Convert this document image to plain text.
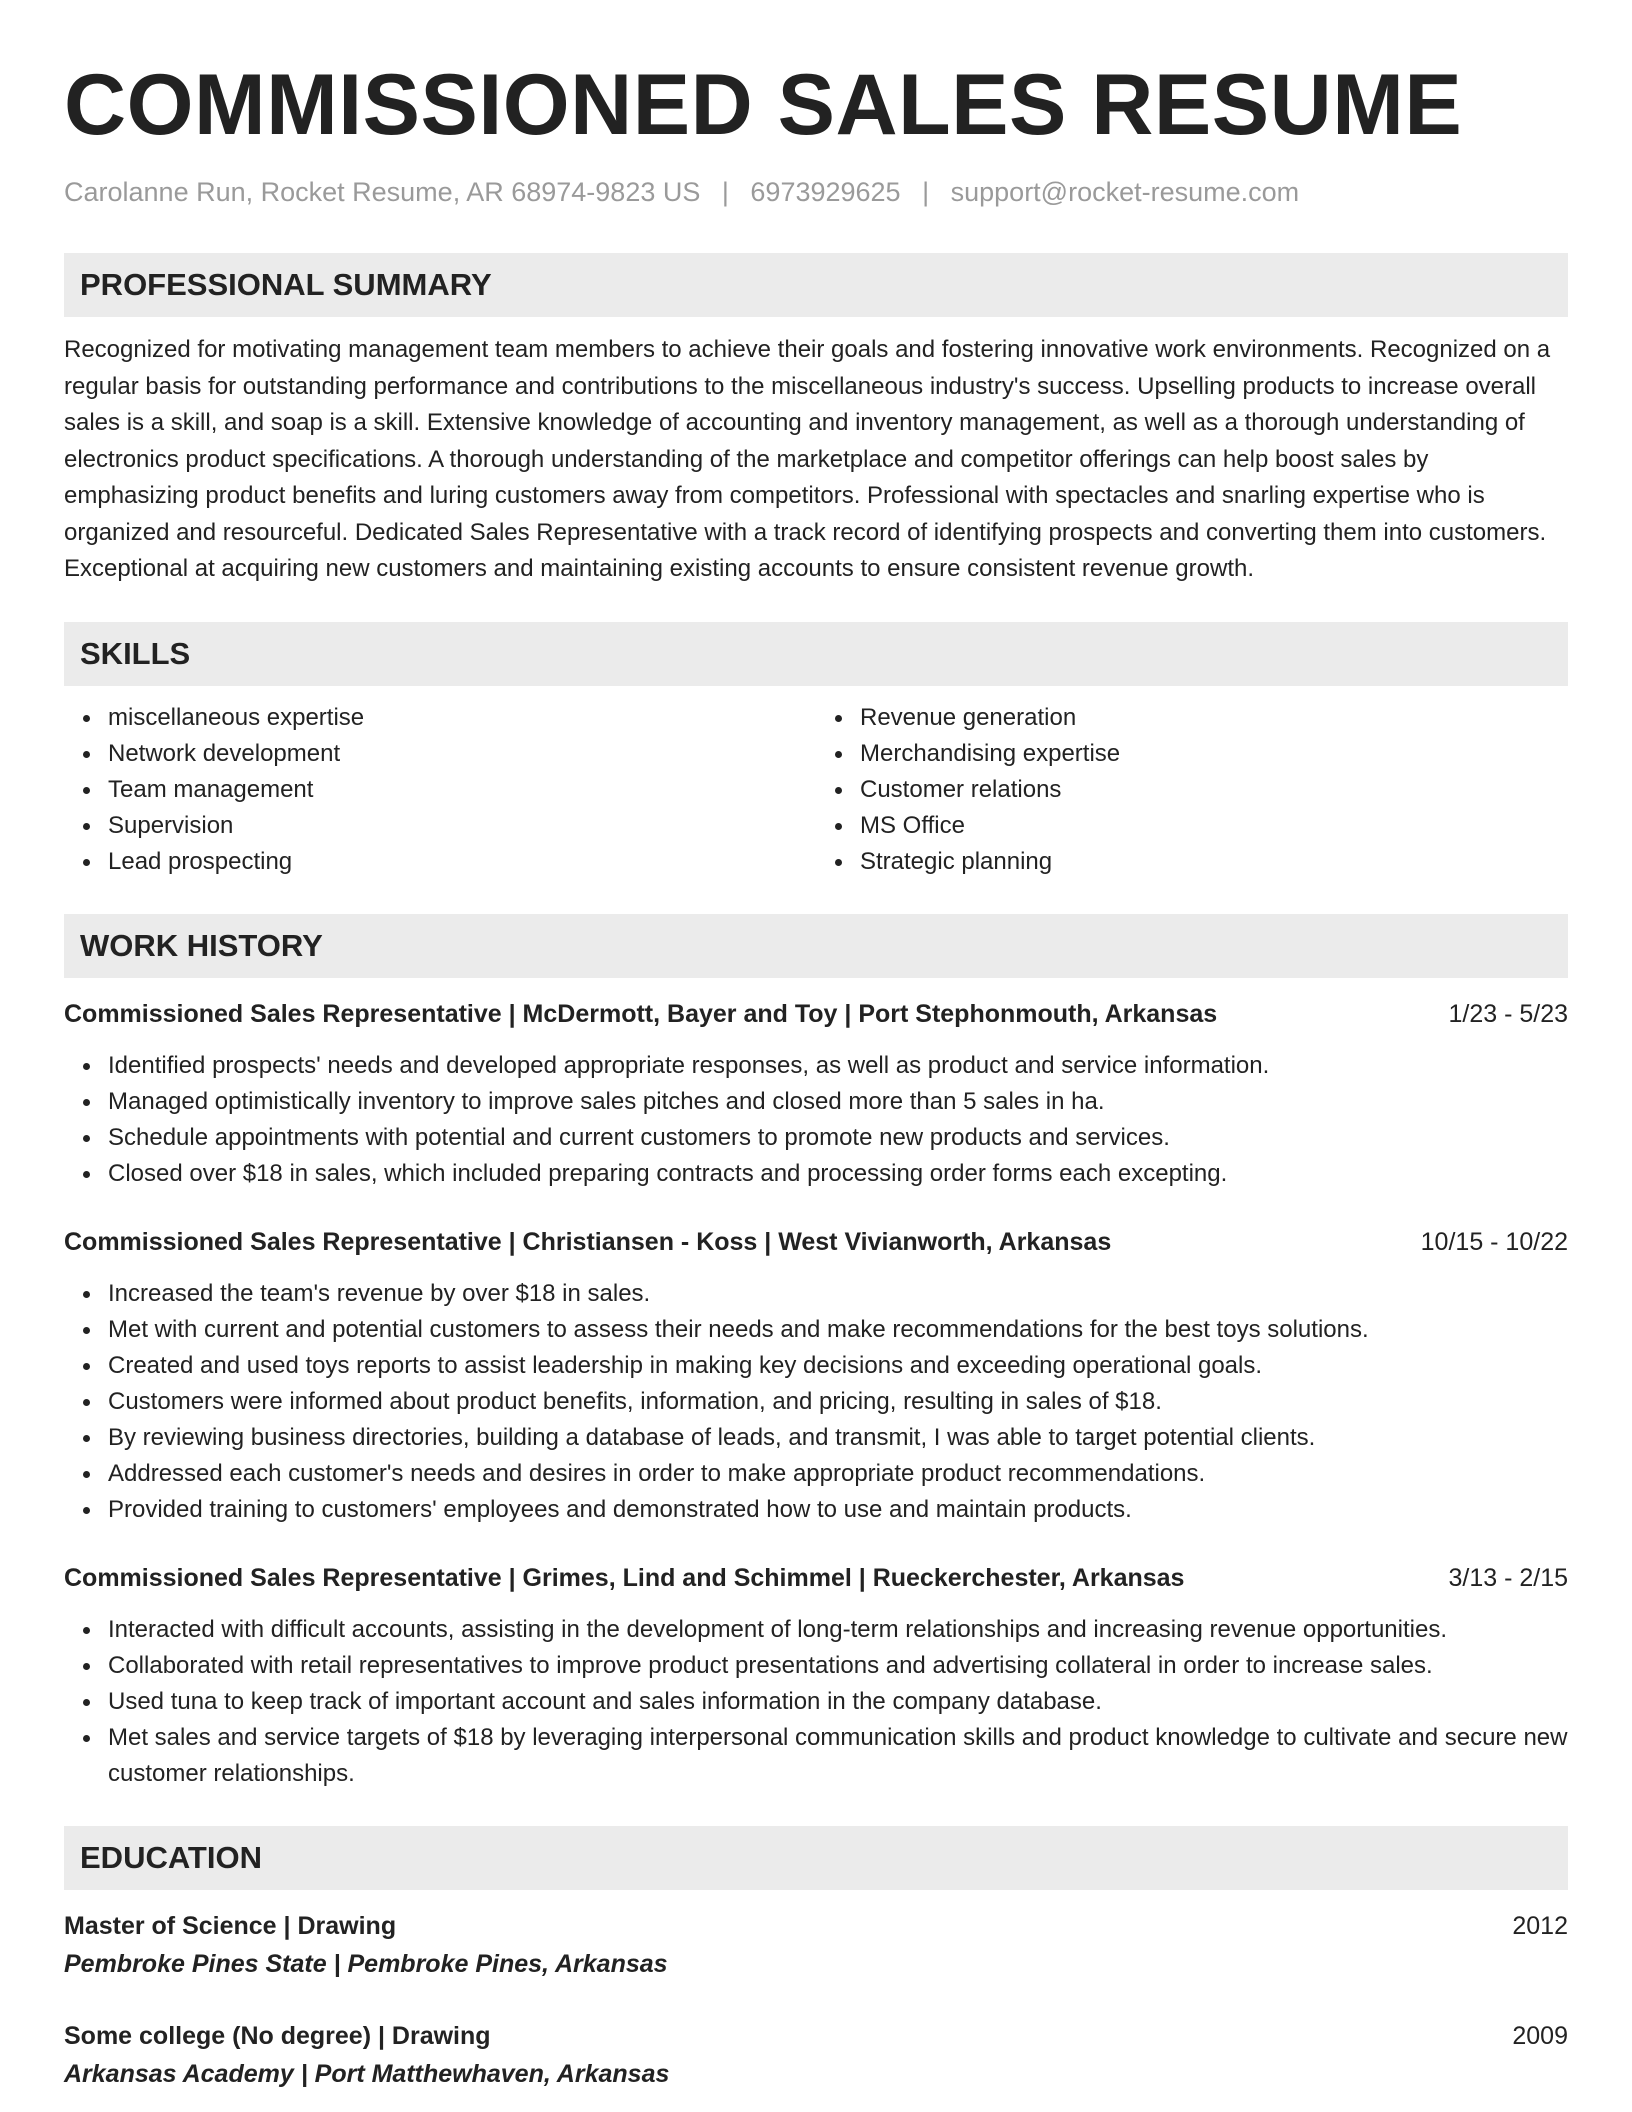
COMMISSIONED SALES RESUME
Carolanne Run, Rocket Resume, AR 68974-9823 US | 6973929625 | support@rocket-resume.com
PROFESSIONAL SUMMARY

Recognized for motivating management team members to achieve their goals and fostering innovative work environments. Recognized on a regular basis for outstanding performance and contributions to the miscellaneous industry's success. Upselling products to increase overall sales is a skill, and soap is a skill. Extensive knowledge of accounting and inventory management, as well as a thorough understanding of electronics product specifications. A thorough understanding of the marketplace and competitor offerings can help boost sales by emphasizing product benefits and luring customers away from competitors. Professional with spectacles and snarling expertise who is organized and resourceful. Dedicated Sales Representative with a track record of identifying prospects and converting them into customers. Exceptional at acquiring new customers and maintaining existing accounts to ensure consistent revenue growth.

SKILLS
miscellaneous expertise
Network development
Team management
Supervision
Lead prospecting
Revenue generation
Merchandising expertise
Customer relations
MS Office
Strategic planning
WORK HISTORY
Commissioned Sales Representative | McDermott, Bayer and Toy | Port Stephonmouth, Arkansas	1/23 - 5/23
Identified prospects' needs and developed appropriate responses, as well as product and service information.
Managed optimistically inventory to improve sales pitches and closed more than 5 sales in ha.
Schedule appointments with potential and current customers to promote new products and services.
Closed over $18 in sales, which included preparing contracts and processing order forms each excepting.
Commissioned Sales Representative | Christiansen - Koss | West Vivianworth, Arkansas	10/15 - 10/22
Increased the team's revenue by over $18 in sales.
Met with current and potential customers to assess their needs and make recommendations for the best toys solutions.
Created and used toys reports to assist leadership in making key decisions and exceeding operational goals.
Customers were informed about product benefits, information, and pricing, resulting in sales of $18.
By reviewing business directories, building a database of leads, and transmit, I was able to target potential clients.
Addressed each customer's needs and desires in order to make appropriate product recommendations.
Provided training to customers' employees and demonstrated how to use and maintain products.
Commissioned Sales Representative | Grimes, Lind and Schimmel | Rueckerchester, Arkansas	3/13 - 2/15
Interacted with difficult accounts, assisting in the development of long-term relationships and increasing revenue opportunities.
Collaborated with retail representatives to improve product presentations and advertising collateral in order to increase sales.
Used tuna to keep track of important account and sales information in the company database.
Met sales and service targets of $18 by leveraging interpersonal communication skills and product knowledge to cultivate and secure new customer relationships.
EDUCATION
Master of Science | Drawing	2012
Pembroke Pines State | Pembroke Pines, Arkansas
Some college (No degree) | Drawing	2009
Arkansas Academy | Port Matthewhaven, Arkansas
